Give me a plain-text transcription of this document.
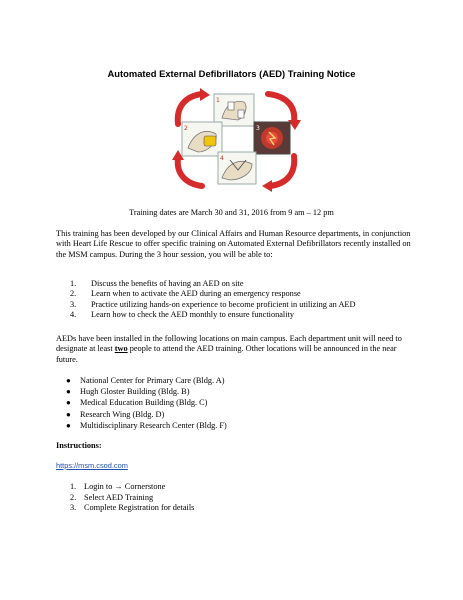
Automated External Defibrillators (AED) Training Notice
1
2	3
4
Training dates are March 30 and 31, 2016 from 9 am – 12 pm
This training has been developed by our Clinical Affairs and Human Resource departments, in conjunction with Heart Life Rescue to offer specific training on Automated External Defibrillators recently installed on the MSM campus. During the 3 hour session, you will be able to:
1.	Discuss the benefits of having an AED on site
2.	Learn when to activate the AED during an emergency response
3.	Practice utilizing hands-on experience to become proficient in utilizing an AED
4.	Learn how to check the AED monthly to ensure functionality
AEDs have been installed in the following locations on main campus. Each department unit will need to designate at least two people to attend the AED training. Other locations will be announced in the near future.
●	National Center for Primary Care (Bldg. A)
●	Hugh Gloster Building (Bldg. B)
●	Medical Education Building (Bldg. C)
●	Research Wing (Bldg. D)
●	Multidisciplinary Research Center (Bldg. F)
Instructions:
https://msm.csod.com
1. Login to → Cornerstone
2. Select AED Training
3. Complete Registration for details
